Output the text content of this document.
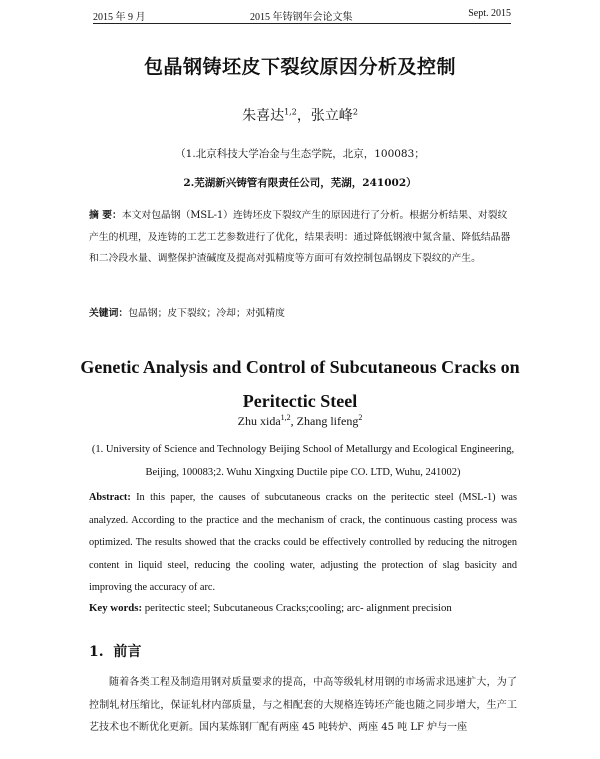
2015 年 9 月	2015 年铸钢年会论文集	Sept. 2015
包晶钢铸坯皮下裂纹原因分析及控制
朱喜达$^{1,2}$，张立峰$^2$
（1.北京科技大学冶金与生态学院，北京，100083；
2.芜湖新兴铸管有限责任公司，芜湖，241002）
摘 要：本文对包晶钢（MSL-1）连铸坯皮下裂纹产生的原因进行了分析。根据分析结果、对裂纹产生的机理，及连铸的工艺工艺参数进行了优化，结果表明：通过降低钢液中氮含量、降低结晶器和二冷段水量、调整保护渣碱度及提高对弧精度等方面可有效控制包晶钢皮下裂纹的产生。
关键词：包晶钢；皮下裂纹；冷却；对弧精度
Genetic Analysis and Control of Subcutaneous Cracks on Peritectic Steel
Zhu xida$^{1,2}$, Zhang lifeng$^2$
(1. University of Science and Technology Beijing School of Metallurgy and Ecological Engineering, Beijing, 100083;2. Wuhu Xingxing Ductile pipe CO. LTD, Wuhu, 241002)
Abstract: In this paper, the causes of subcutaneous cracks on the peritectic steel (MSL-1) was analyzed. According to the practice and the mechanism of crack, the continuous casting process was optimized. The results showed that the cracks could be effectively controlled by reducing the nitrogen content in liquid steel, reducing the cooling water, adjusting the protection of slag basicity and improving the accuracy of arc.
Key words: peritectic steel; Subcutaneous Cracks;cooling; arc- alignment precision
1. 前言
随着各类工程及制造用钢对质量要求的提高，中高等级轧材用钢的市场需求迅速扩大，为了控制轧材压缩比，保证轧材内部质量，与之相配套的大规格连铸坯产能也随之同步增大，生产工艺技术也不断优化更新。国内某炼钢厂配有两座 45 吨转炉、两座 45 吨 LF 炉与一座
